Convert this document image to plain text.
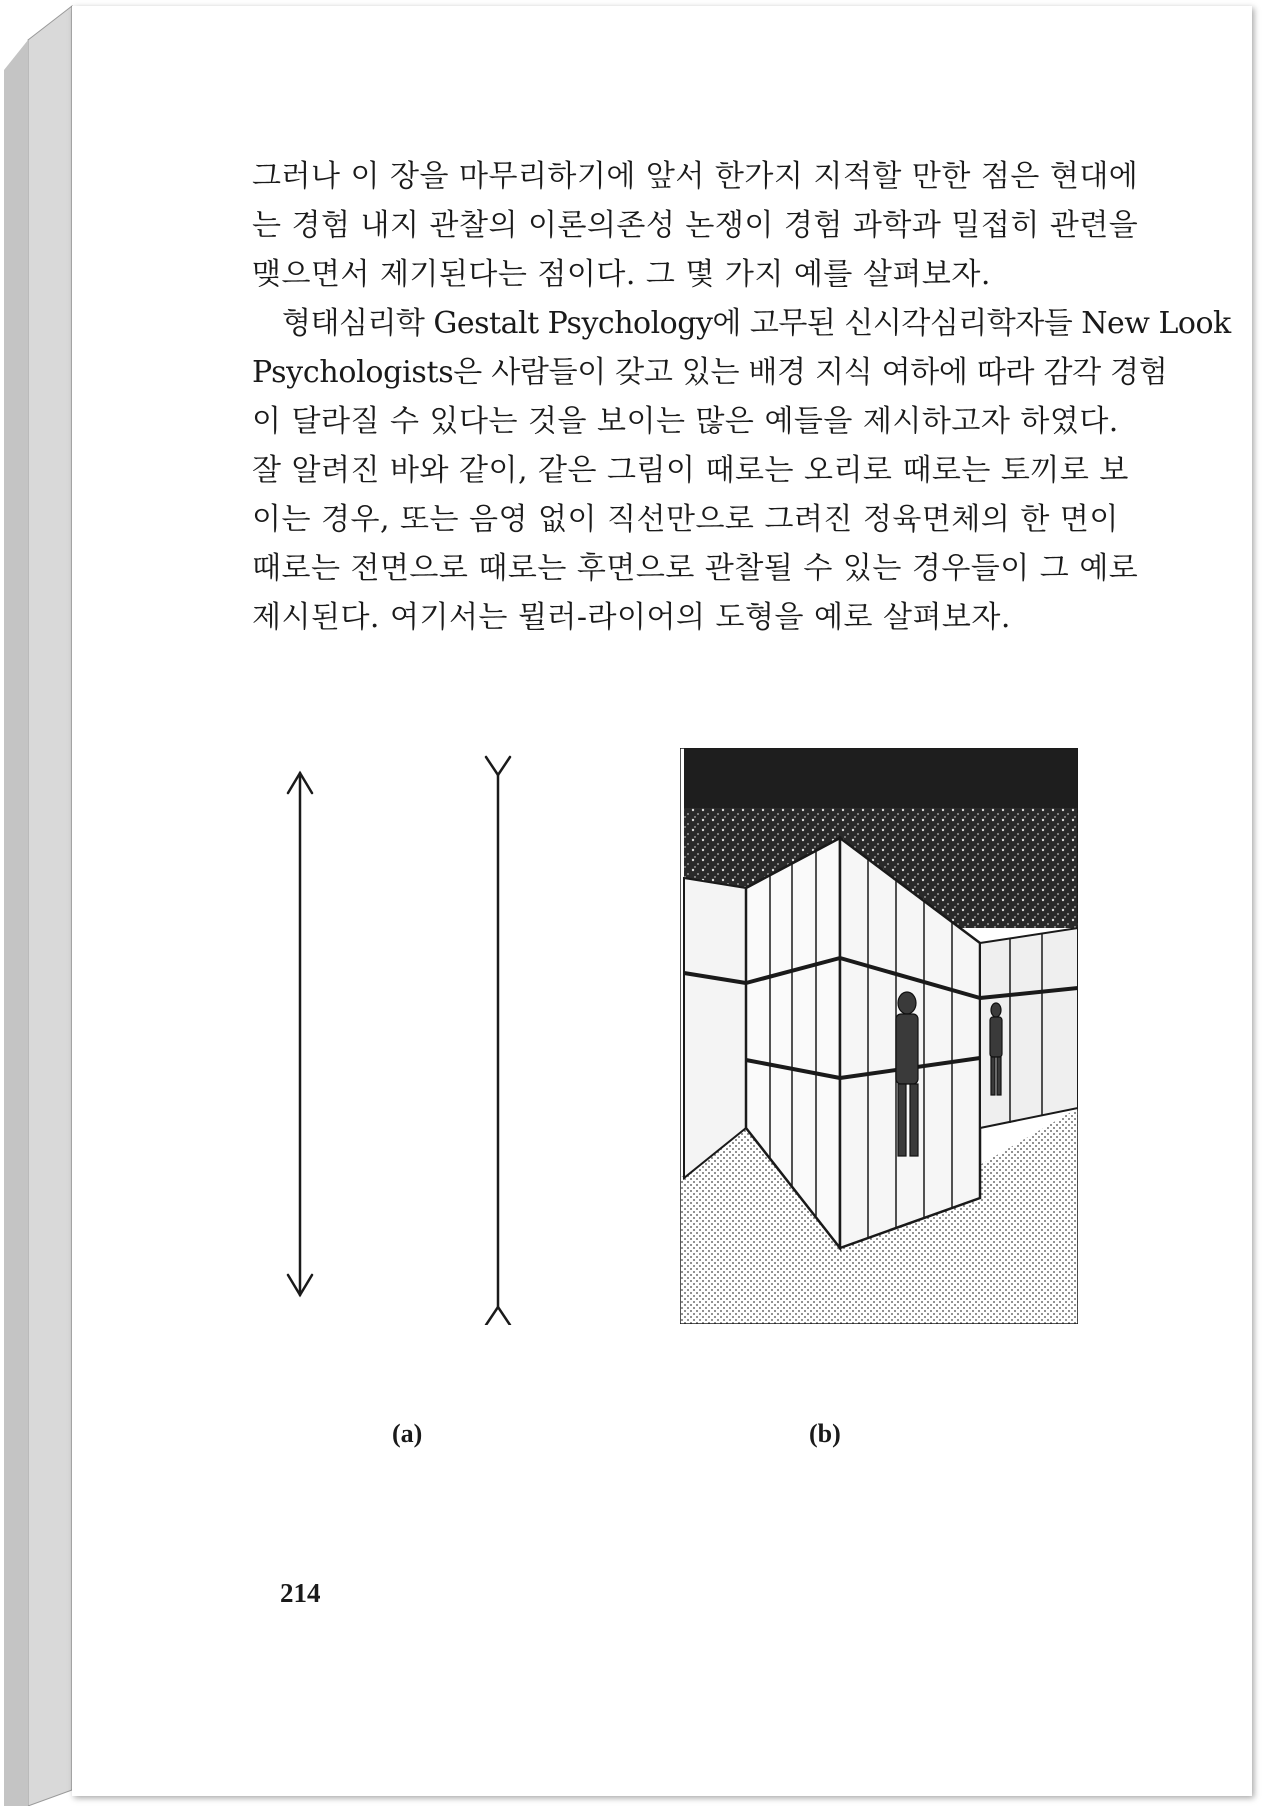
그러나 이 장을 마무리하기에 앞서 한가지 지적할 만한 점은 현대에
는 경험 내지 관찰의 이론의존성 논쟁이 경험 과학과 밀접히 관련을
맺으면서 제기된다는 점이다. 그 몇 가지 예를 살펴보자.
형태심리학 Gestalt Psychology에 고무된 신시각심리학자들 New Look
Psychologists은 사람들이 갖고 있는 배경 지식 여하에 따라 감각 경험
이 달라질 수 있다는 것을 보이는 많은 예들을 제시하고자 하였다.
잘 알려진 바와 같이, 같은 그림이 때로는 오리로 때로는 토끼로 보
이는 경우, 또는 음영 없이 직선만으로 그려진 정육면체의 한 면이
때로는 전면으로 때로는 후면으로 관찰될 수 있는 경우들이 그 예로
제시된다. 여기서는 뮐러-라이어의 도형을 예로 살펴보자.
(a)	(b)
214
